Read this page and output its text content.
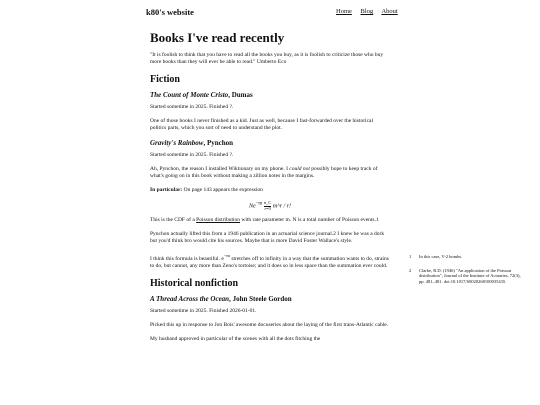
k80's website	Home Blog About
Books I've read recently

"It is foolish to think that you have to read all the books you buy, as it is foolish to criticize those who buy more books than they will ever be able to read." Umberto Eco

Fiction
The Count of Monte Cristo, Dumas

Started sometime in 2025. Finished ?.

One of those books I never finished as a kid. Just as well, because I fast-forwarded over the historical politics parts, which you sort of need to understand the plot.

Gravity's Rainbow, Pynchon

Started sometime in 2025. Finished ?.

Ah, Pynchon, the reason I installed Wiktionary on my phone. I could not possibly hope to keep track of what's going on in this book without making a zillion notes in the margins.

In particular: On page 143 appears the expression

$Ne^{-m} \frac{n\_C}{r=0}$ m^r / r!

This is the CDF of a Poisson distribution with rate parameter m. N is a total number of Poisson events.1

Pynchon actually lifted this from a 1946 publication in an actuarial science journal.2 I knew he was a dork but you'd think bro would cite his sources. Maybe that is more David Foster Wallace's style.

I think this formula is beautiful. $e^{-m}$ stretches off to infinity in a way that the summation wants to do, strains to do, but cannot, any more than Zeno's tortoise; and it does so in less space than the summation ever could.

Historical nonfiction
A Thread Across the Ocean, John Steele Gordon

Started sometime in 2025. Finished 2026-01-01.

Picked this up in response to Jon Bois' awesome docuseries about the laying of the first trans-Atlantic cable.

My husband approved in particular of the scenes with all the dots fitching the

1	In this case, V-2 bombs.
2	Clarke, R.D. (1946) "An application of the Poisson distribution", Journal of the Institute of Actuaries, 72(3), pp. 481–481. doi:10.1017/S0020268100035435.
